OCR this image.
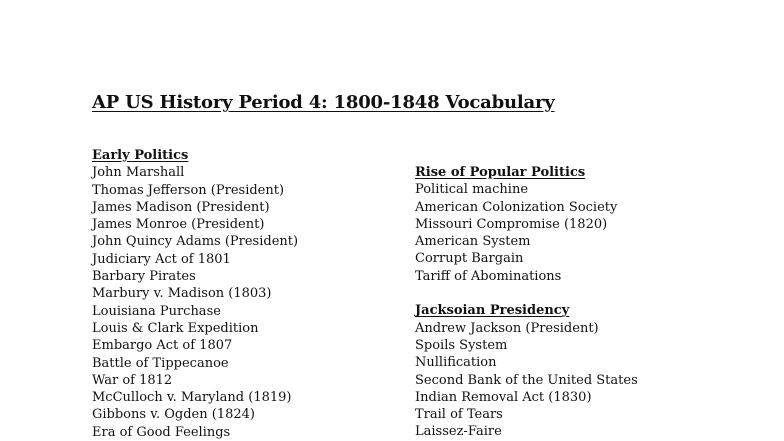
AP US History Period 4: 1800-1848 Vocabulary
Early Politics
John Marshall
Thomas Jefferson (President)
James Madison (President)
James Monroe (President)
John Quincy Adams (President)
Judiciary Act of 1801
Barbary Pirates
Marbury v. Madison (1803)
Louisiana Purchase
Louis & Clark Expedition
Embargo Act of 1807
Battle of Tippecanoe
War of 1812
McCulloch v. Maryland (1819)
Gibbons v. Ogden (1824)
Era of Good Feelings
Rise of Popular Politics
Political machine
American Colonization Society
Missouri Compromise (1820)
American System
Corrupt Bargain
Tariff of Abominations
Jacksoian Presidency
Andrew Jackson (President)
Spoils System
Nullification
Second Bank of the United States
Indian Removal Act (1830)
Trail of Tears
Laissez-Faire
